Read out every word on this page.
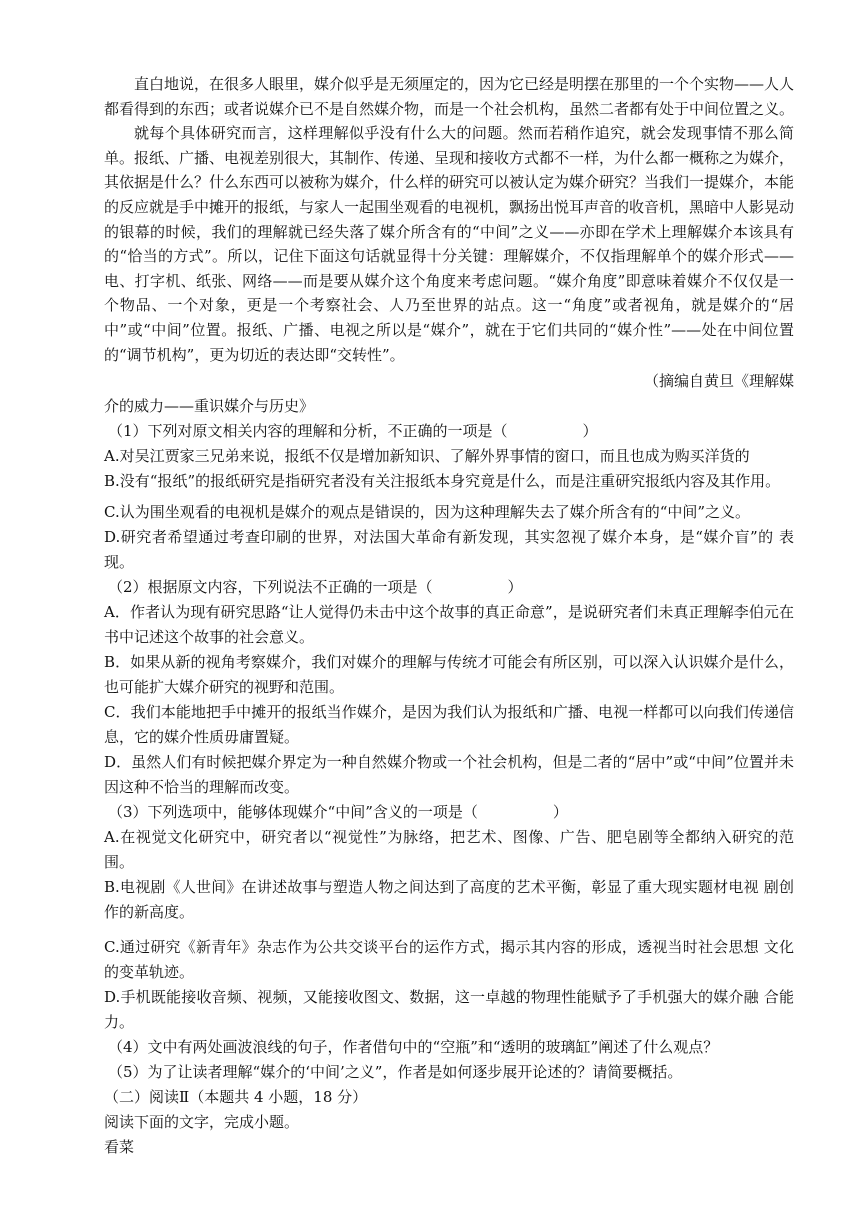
直白地说，在很多人眼里，媒介似乎是无须厘定的，因为它已经是明摆在那里的一个个实物——人人都看得到的东西；或者说媒介已不是自然媒介物，而是一个社会机构，虽然二者都有处于中间位置之义。
就每个具体研究而言，这样理解似乎没有什么大的问题。然而若稍作追究，就会发现事情不那么简单。报纸、广播、电视差别很大，其制作、传递、呈现和接收方式都不一样，为什么都一概称之为媒介，其依据是什么？什么东西可以被称为媒介，什么样的研究可以被认定为媒介研究？当我们一提媒介，本能的反应就是手中摊开的报纸，与家人一起围坐观看的电视机，飘扬出悦耳声音的收音机，黑暗中人影晃动的银幕的时候，我们的理解就已经失落了媒介所含有的“中间”之义——亦即在学术上理解媒介本该具有的“恰当的方式”。所以，记住下面这句话就显得十分关键：理解媒介，不仅指理解单个的媒介形式——电、打字机、纸张、网络——而是要从媒介这个角度来考虑问题。“媒介角度”即意味着媒介不仅仅是一个物品、一个对象，更是一个考察社会、人乃至世界的站点。这一“角度”或者视角，就是媒介的“居中”或“中间”位置。报纸、广播、电视之所以是“媒介”，就在于它们共同的“媒介性”——处在中间位置的“调节机构”，更为切近的表达即“交转性”。
（摘编自黄旦《理解媒
介的威力——重识媒介与历史》
（1）下列对原文相关内容的理解和分析，不正确的一项是（　　　　　）
A.对吴江贾家三兄弟来说，报纸不仅是增加新知识、了解外界事情的窗口，而且也成为购买洋货的
B.没有“报纸”的报纸研究是指研究者没有关注报纸本身究竟是什么，而是注重研究报纸内容及其作用。
C.认为围坐观看的电视机是媒介的观点是错误的，因为这种理解失去了媒介所含有的“中间”之义。
D.研究者希望通过考查印刷的世界，对法国大革命有新发现，其实忽视了媒介本身，是“媒介盲”的 表现。
（2）根据原文内容，下列说法不正确的一项是（　　　　　）
A．作者认为现有研究思路“让人觉得仍未击中这个故事的真正命意”，是说研究者们未真正理解李伯元在书中记述这个故事的社会意义。
B．如果从新的视角考察媒介，我们对媒介的理解与传统才可能会有所区别，可以深入认识媒介是什么，也可能扩大媒介研究的视野和范围。
C．我们本能地把手中摊开的报纸当作媒介，是因为我们认为报纸和广播、电视一样都可以向我们传递信息，它的媒介性质毋庸置疑。
D．虽然人们有时候把媒介界定为一种自然媒介物或一个社会机构，但是二者的“居中”或“中间”位置并未因这种不恰当的理解而改变。
（3）下列选项中，能够体现媒介“中间”含义的一项是（　　　　　）
A.在视觉文化研究中，研究者以“视觉性”为脉络，把艺术、图像、广告、肥皂剧等全都纳入研究的范围。
B.电视剧《人世间》在讲述故事与塑造人物之间达到了高度的艺术平衡，彰显了重大现实题材电视 剧创作的新高度。
C.通过研究《新青年》杂志作为公共交谈平台的运作方式，揭示其内容的形成，透视当时社会思想 文化的变革轨迹。
D.手机既能接收音频、视频，又能接收图文、数据，这一卓越的物理性能赋予了手机强大的媒介融 合能力。
（4）文中有两处画波浪线的句子，作者借句中的“空瓶”和“透明的玻璃缸”阐述了什么观点？
（5）为了让读者理解“媒介的‘中间’之义”，作者是如何逐步展开论述的？请简要概括。
（二）阅读Ⅱ（本题共 4 小题，18 分）
阅读下面的文字，完成小题。
看菜
